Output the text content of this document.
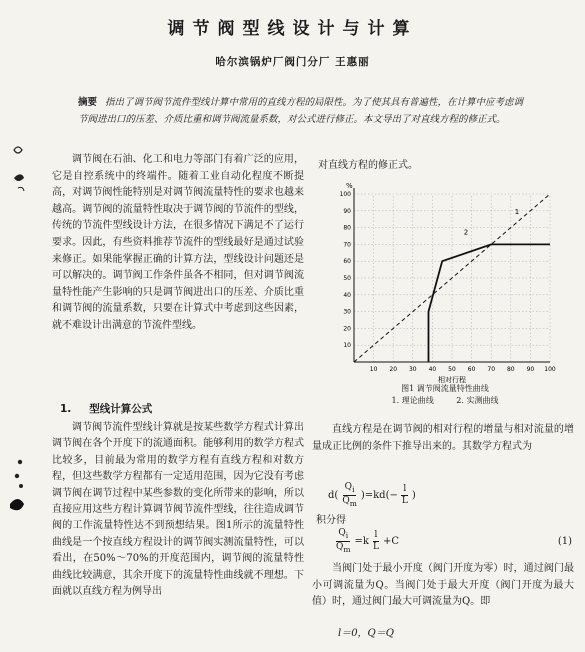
调节阀型线设计与计算
哈尔滨锅炉厂阀门分厂 王惠丽
摘要 指出了调节阀节流件型线计算中常用的直线方程的局限性。为了使其具有普遍性，在计算中应考虑调节阀进出口的压差、介质比重和调节阀流量系数，对公式进行修正。本文导出了对直线方程的修正式。

调节阀在石油、化工和电力等部门有着广泛的应用，它是自控系统中的终端件。随着工业自动化程度不断提高，对调节阀性能特别是对调节阀流量特性的要求也越来越高。调节阀的流量特性取决于调节阀的节流件的型线，传统的节流件型线设计方法，在很多情况下满足不了运行要求。因此，有些资料推荐节流件的型线最好是通过试验来修正。如果能掌握正确的计算方法，型线设计问题还是可以解决的。调节阀工作条件虽各不相同，但对调节阀流量特性能产生影响的只是调节阀进出口的压差、介质比重和调节阀的流量系数，只要在计算式中考虑到这些因素，就不难设计出满意的节流件型线。

1. 型线计算公式

调节阀节流件型线计算就是按某些数学方程式计算出调节阀在各个开度下的流通面积。能够利用的数学方程式比较多，目前最为常用的数学方程有直线方程和对数方程，但这些数学方程都有一定适用范围，因为它没有考虑调节阀在调节过程中某些参数的变化所带来的影响，所以直接应用这些方程计算调节阀节流件型线，往往造成调节阀的工作流量特性达不到预想结果。图1所示的流量特性曲线是一个按直线方程设计的调节阀实测流量特性，可以看出，在50%～70%的开度范围内，调节阀的流量特性曲线比较满意，其余开度下的流量特性曲线就不理想。下面就以直线方程为例导出

对直线方程的修正式。
10 20 30 40 50 60 70 80 90 100
10
20
30
40
50
60
70
80
90
100
%
相对行程
1
2
图1 调节阀流量特性曲线
1. 理论曲线	2. 实测曲线

直线方程是在调节阀的相对行程的增量与相对流量的增量成正比例的条件下推导出来的。其数学方程式为

$d( \frac{Q_i}{Q_m} )=kd(- \frac{l}{L}$ )
积分得
$\frac{Q_i}{Q_m} =k \frac{l}{L} +C$	(1)

当阀门处于最小开度（阀门开度为零）时，通过阀门最小可调流量为Q。当阀门处于最大开度（阀门开度为最大值）时，通过阀门最大可调流量为Q。即

l＝0，Q＝Q
